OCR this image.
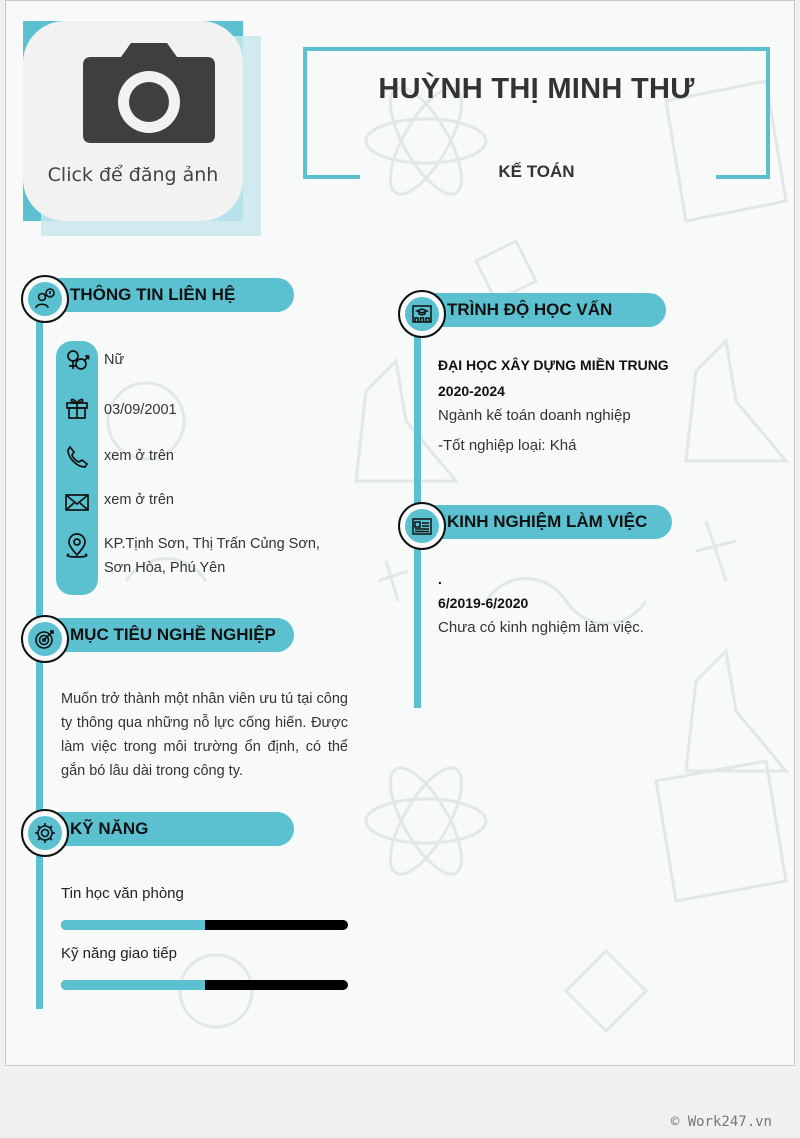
Click để đăng ảnh
HUỲNH THỊ MINH THƯ
KẾ TOÁN
THÔNG TIN LIÊN HỆ
Nữ
03/09/2001
xem ở trên
xem ở trên
KP.Tịnh Sơn, Thị Trấn Củng Sơn,
Sơn Hòa, Phú Yên
MỤC TIÊU NGHỀ NGHIỆP
Muốn trở thành một nhân viên ưu tú tại công ty thông qua những nỗ lực cống hiến. Được làm việc trong môi trường ổn định, có thể gắn bó lâu dài trong công ty.
KỸ NĂNG
Tin học văn phòng
Kỹ năng giao tiếp
TRÌNH ĐỘ HỌC VẤN
ĐẠI HỌC XÂY DỰNG MIỀN TRUNG
2020-2024
Ngành kế toán doanh nghiệp
-Tốt nghiệp loại: Khá
KINH NGHIỆM LÀM VIỆC
.
6/2019-6/2020
Chưa có kinh nghiệm làm việc.
© Work247.vn
